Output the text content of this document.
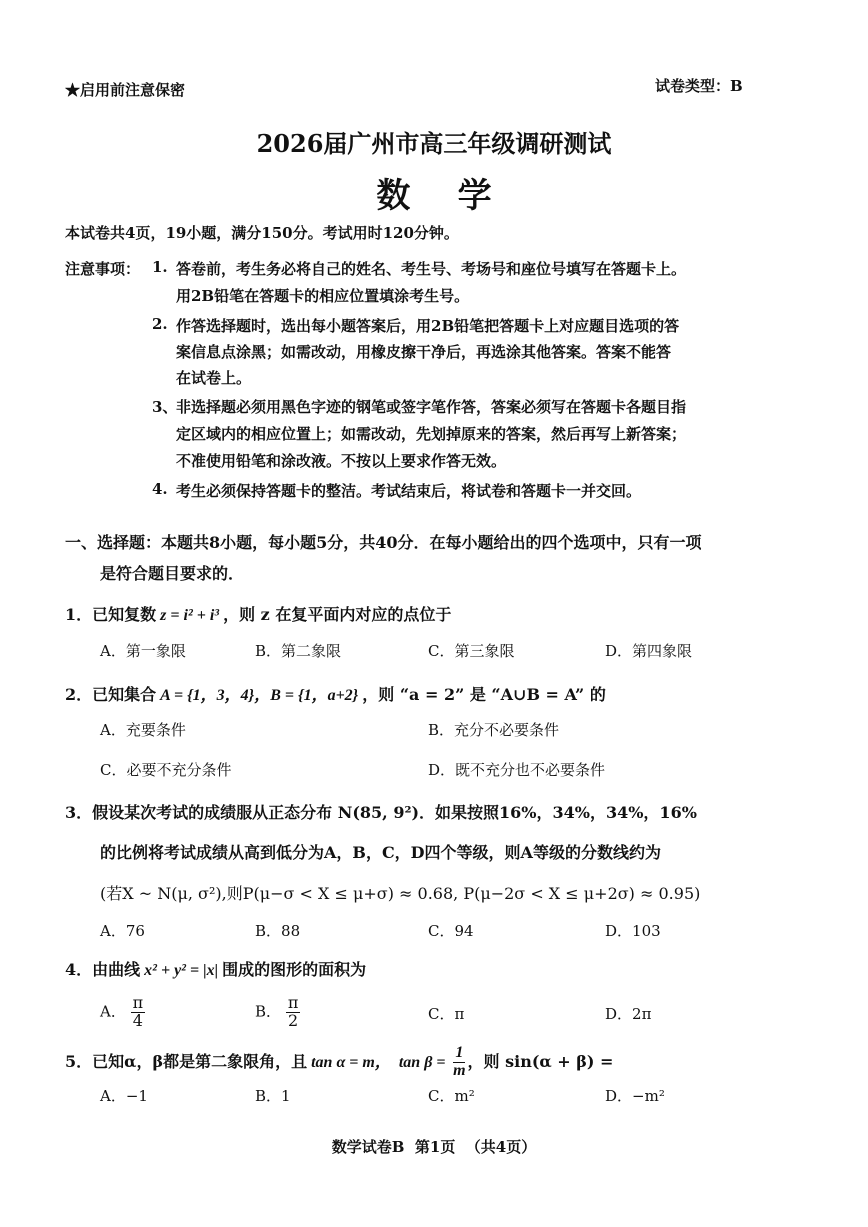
★启用前注意保密	试卷类型：B
2026届广州市高三年级调研测试
数    学
本试卷共4页，19小题，满分150分。考试用时120分钟。
注意事项： 1. 答卷前，考生务必将自己的姓名、考生号、考场号和座位号填写在答题卡上。
用2B铅笔在答题卡的相应位置填涂考生号。
2. 作答选择题时，选出每小题答案后，用2B铅笔把答题卡上对应题目选项的答
案信息点涂黑；如需改动，用橡皮擦干净后，再选涂其他答案。答案不能答
在试卷上。
3、
非选择题必须用黑色字迹的钢笔或签字笔作答，答案必须写在答题卡各题目指
定区域内的相应位置上；如需改动，先划掉原来的答案，然后再写上新答案；
不准使用铅笔和涂改液。不按以上要求作答无效。
4. 考生必须保持答题卡的整洁。考试结束后，将试卷和答题卡一并交回。
一、选择题：本题共8小题，每小题5分，共40分．在每小题给出的四个选项中，只有一项
是符合题目要求的．
1．已知复数 z = i² + i³ ，则 z 在复平面内对应的点位于
A．第一象限	B．第二象限	C．第三象限	D．第四象限
2．已知集合 A = {1，3，4}，B = {1，a+2} ，则 “a = 2” 是 “A∪B = A” 的
A．充要条件	B．充分不必要条件
C．必要不充分条件	D．既不充分也不必要条件
3．假设某次考试的成绩服从正态分布 N(85, 9²)．如果按照16%，34%，34%，16%
的比例将考试成绩从高到低分为A，B，C，D四个等级，则A等级的分数线约为
(若X ~ N(μ, σ²),则P(μ−σ < X ≤ μ+σ) ≈ 0.68, P(μ−2σ < X ≤ μ+2σ) ≈ 0.95)
A．76	B．88	C．94	D．103
4．由曲线 x² + y² = |x| 围成的图形的面积为
A． $\frac{\pi}{4}$	B． $\frac{\pi}{2}$	C．π	D．2π
5．已知α，β都是第二象限角，且 tan α = m， $\tan \beta = \frac{1}{m}$ ，则 sin(α + β) =
A．−1	B．1	C．m²	D．−m²
数学试卷B  第1页  （共4页）
